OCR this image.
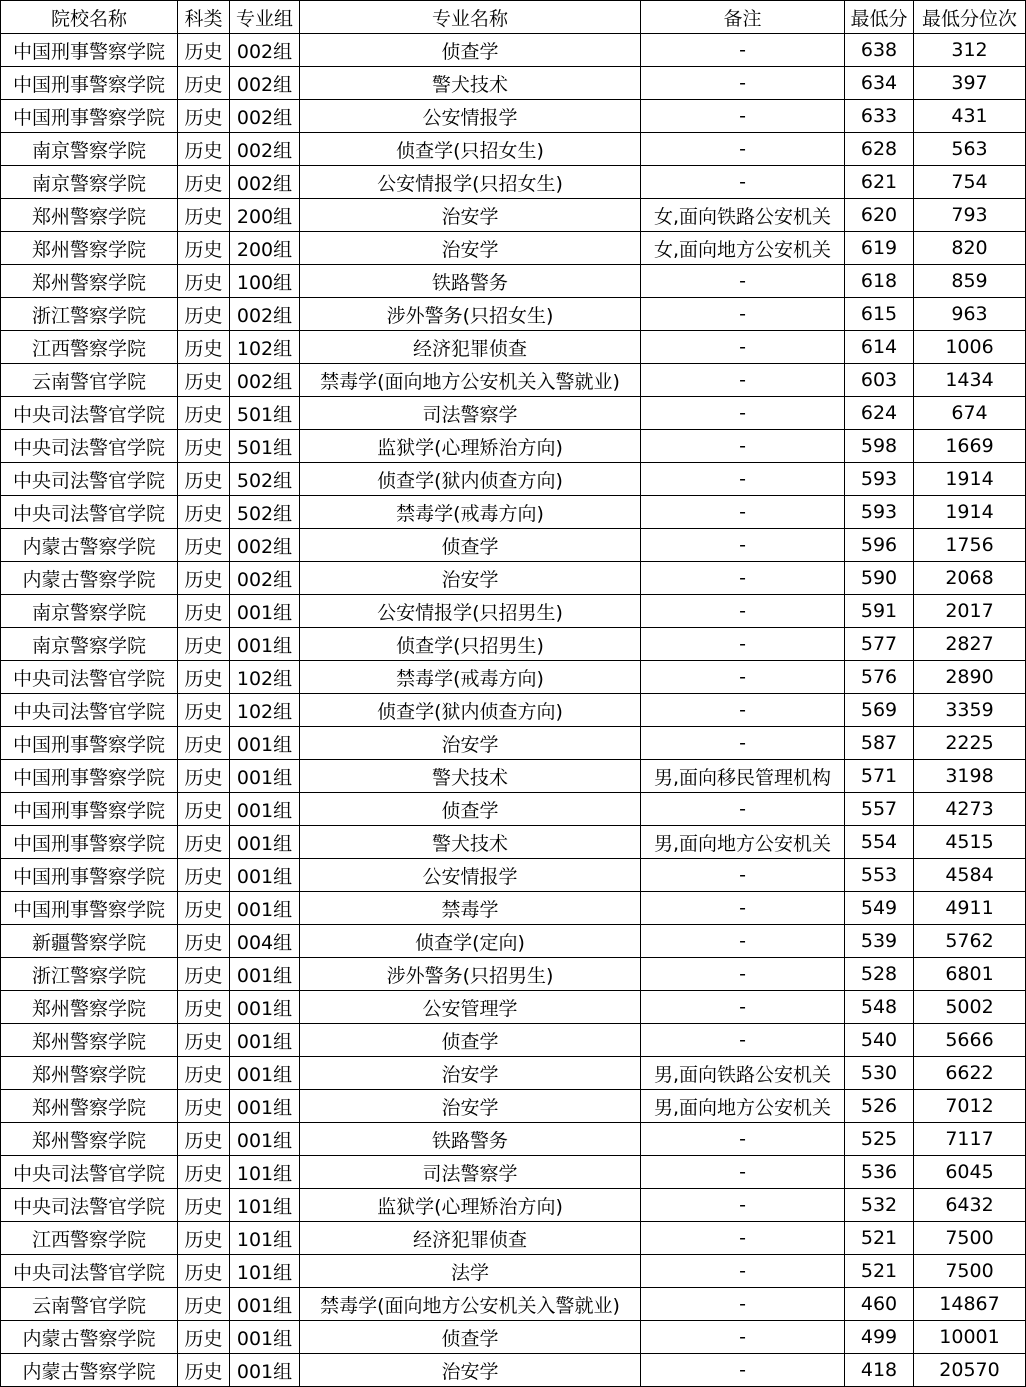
院校名称	科类	专业组	专业名称	备注	最低分	最低分位次
中国刑事警察学院	历史	002组	侦查学	-	638	312
中国刑事警察学院	历史	002组	警犬技术	-	634	397
中国刑事警察学院	历史	002组	公安情报学	-	633	431
南京警察学院	历史	002组	侦查学(只招女生)	-	628	563
南京警察学院	历史	002组	公安情报学(只招女生)	-	621	754
郑州警察学院	历史	200组	治安学	女,面向铁路公安机关	620	793
郑州警察学院	历史	200组	治安学	女,面向地方公安机关	619	820
郑州警察学院	历史	100组	铁路警务	-	618	859
浙江警察学院	历史	002组	涉外警务(只招女生)	-	615	963
江西警察学院	历史	102组	经济犯罪侦查	-	614	1006
云南警官学院	历史	002组	禁毒学(面向地方公安机关入警就业)	-	603	1434
中央司法警官学院	历史	501组	司法警察学	-	624	674
中央司法警官学院	历史	501组	监狱学(心理矫治方向)	-	598	1669
中央司法警官学院	历史	502组	侦查学(狱内侦查方向)	-	593	1914
中央司法警官学院	历史	502组	禁毒学(戒毒方向)	-	593	1914
内蒙古警察学院	历史	002组	侦查学	-	596	1756
内蒙古警察学院	历史	002组	治安学	-	590	2068
南京警察学院	历史	001组	公安情报学(只招男生)	-	591	2017
南京警察学院	历史	001组	侦查学(只招男生)	-	577	2827
中央司法警官学院	历史	102组	禁毒学(戒毒方向)	-	576	2890
中央司法警官学院	历史	102组	侦查学(狱内侦查方向)	-	569	3359
中国刑事警察学院	历史	001组	治安学	-	587	2225
中国刑事警察学院	历史	001组	警犬技术	男,面向移民管理机构	571	3198
中国刑事警察学院	历史	001组	侦查学	-	557	4273
中国刑事警察学院	历史	001组	警犬技术	男,面向地方公安机关	554	4515
中国刑事警察学院	历史	001组	公安情报学	-	553	4584
中国刑事警察学院	历史	001组	禁毒学	-	549	4911
新疆警察学院	历史	004组	侦查学(定向)	-	539	5762
浙江警察学院	历史	001组	涉外警务(只招男生)	-	528	6801
郑州警察学院	历史	001组	公安管理学	-	548	5002
郑州警察学院	历史	001组	侦查学	-	540	5666
郑州警察学院	历史	001组	治安学	男,面向铁路公安机关	530	6622
郑州警察学院	历史	001组	治安学	男,面向地方公安机关	526	7012
郑州警察学院	历史	001组	铁路警务	-	525	7117
中央司法警官学院	历史	101组	司法警察学	-	536	6045
中央司法警官学院	历史	101组	监狱学(心理矫治方向)	-	532	6432
江西警察学院	历史	101组	经济犯罪侦查	-	521	7500
中央司法警官学院	历史	101组	法学	-	521	7500
云南警官学院	历史	001组	禁毒学(面向地方公安机关入警就业)	-	460	14867
内蒙古警察学院	历史	001组	侦查学	-	499	10001
内蒙古警察学院	历史	001组	治安学	-	418	20570
